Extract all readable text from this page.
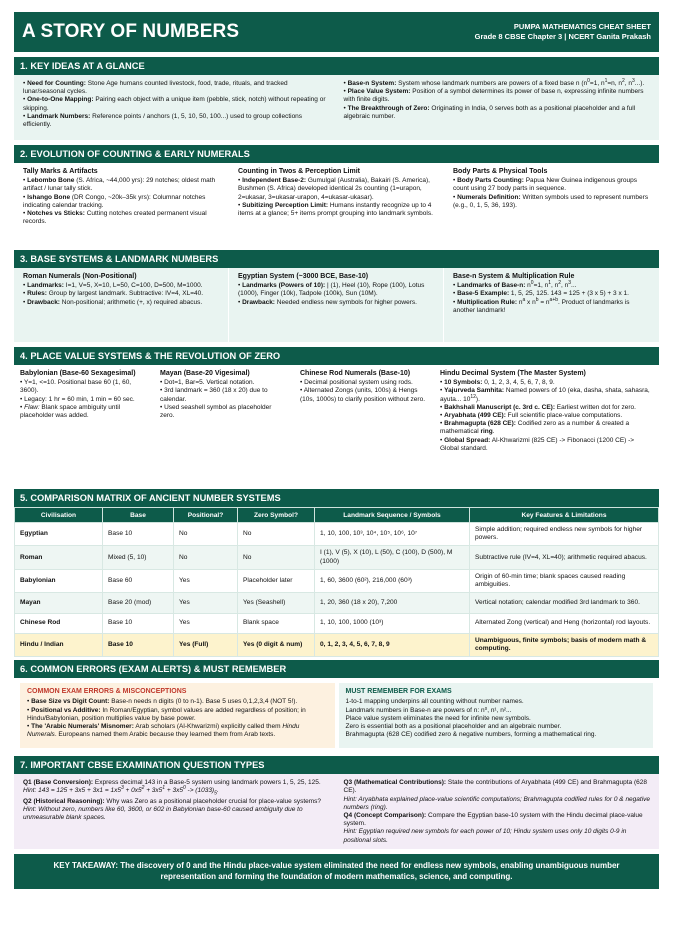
A STORY OF NUMBERS	PUMPA MATHEMATICS CHEAT SHEET
Grade 8 CBSE Chapter 3 | NCERT Ganita Prakash
1. KEY IDEAS AT A GLANCE

• Need for Counting: Stone Age humans counted livestock, food, trade, rituals, and tracked lunar/seasonal cycles.

• One-to-One Mapping: Pairing each object with a unique item (pebble, stick, notch) without repeating or skipping.

• Landmark Numbers: Reference points / anchors (1, 5, 10, 50, 100...) used to group collections efficiently.

• Base-n System: System whose landmark numbers are powers of a fixed base n ($n^0=1$, $n^1=n$, $n^2$, $n^3$...).

• Place Value System: Position of a symbol determines its power of base n, expressing infinite numbers with finite digits.

• The Breakthrough of Zero: Originating in India, 0 serves both as a positional placeholder and a full algebraic number.

2. EVOLUTION OF COUNTING & EARLY NUMERALS
Tally Marks & Artifacts

• Lebombo Bone (S. Africa, ~44,000 yrs): 29 notches; oldest math artifact / lunar tally stick.

• Ishango Bone (DR Congo, ~20k–35k yrs): Columnar notches indicating calendar tracking.

• Notches vs Sticks: Cutting notches created permanent visual records.

Counting in Twos & Perception Limit

• Independent Base-2: Gumulgal (Australia), Bakairi (S. America), Bushmen (S. Africa) developed identical 2s counting (1=urapon, 2=ukasar, 3=ukasar-urapon, 4=ukasar-ukasar).

• Subitizing Perception Limit: Humans instantly recognize up to 4 items at a glance; 5+ items prompt grouping into landmark symbols.

Body Parts & Physical Tools

• Body Parts Counting: Papua New Guinea indigenous groups count using 27 body parts in sequence.

• Numerals Definition: Written symbols used to represent numbers (e.g., 0, 1, 5, 36, 193).

3. BASE SYSTEMS & LANDMARK NUMBERS
Roman Numerals (Non-Positional)

• Landmarks: I=1, V=5, X=10, L=50, C=100, D=500, M=1000.

• Rules: Group by largest landmark. Subtractive: IV=4, XL=40.

• Drawback: Non-positional; arithmetic (+, x) required abacus.

Egyptian System (~3000 BCE, Base-10)

• Landmarks (Powers of 10): | (1), Heel (10), Rope (100), Lotus (1000), Finger (10k), Tadpole (100k), Sun (10M).

• Drawback: Needed endless new symbols for higher powers.

Base-n System & Multiplication Rule

• Landmarks of Base-n: $n^0=1$, $n^1$, $n^2$, $n^3$...

• Base-5 Example: 1, 5, 25, 125. 143 = 125 + (3 x 5) + 3 x 1.

• Multiplication Rule: $n^a$ x $n^b = n^{a+b}$. Product of landmarks is another landmark!

4. PLACE VALUE SYSTEMS & THE REVOLUTION OF ZERO
Babylonian (Base-60 Sexagesimal)

• Y=1, <=10. Positional base 60 (1, 60, 3600).

• Legacy: 1 hr = 60 min, 1 min = 60 sec.

• Flaw: Blank space ambiguity until placeholder was added.

Mayan (Base-20 Vigesimal)

• Dot=1, Bar=5. Vertical notation.

• 3rd landmark = 360 (18 x 20) due to calendar.

• Used seashell symbol as placeholder zero.

Chinese Rod Numerals (Base-10)

• Decimal positional system using rods.

• Alternated Zongs (units, 100s) & Hengs (10s, 1000s) to clarify position without zero.

Hindu Decimal System (The Master System)

• 10 Symbols: 0, 1, 2, 3, 4, 5, 6, 7, 8, 9.

• Yajurveda Samhita: Named powers of 10 (eka, dasha, shata, sahasra, ayuta... $10^{12}$).

• Bakhshali Manuscript (c. 3rd c. CE): Earliest written dot for zero.

• Aryabhata (499 CE): Full scientific place-value computations.

• Brahmagupta (628 CE): Codified zero as a number & created a mathematical ring.

• Global Spread: Al-Khwarizmi (825 CE) -> Fibonacci (1200 CE) -> Global standard.

5. COMPARISON MATRIX OF ANCIENT NUMBER SYSTEMS
Civilisation	Base	Positional?	Zero Symbol?	Landmark Sequence / Symbols	Key Features & Limitations
Egyptian	Base 10	No	No	1, 10, 100, 10³, 10⁴, 10⁵, 10⁶, 10⁷	Simple addition; required endless new symbols for higher powers.
Roman	Mixed (5, 10)	No	No	I (1), V (5), X (10), L (50), C (100), D (500), M (1000)	Subtractive rule (IV=4, XL=40); arithmetic required abacus.
Babylonian	Base 60	Yes	Placeholder later	1, 60, 3600 (60²), 216,000 (60³)	Origin of 60-min time; blank spaces caused reading ambiguities.
Mayan	Base 20 (mod)	Yes	Yes (Seashell)	1, 20, 360 (18 x 20), 7,200	Vertical notation; calendar modified 3rd landmark to 360.
Chinese Rod	Base 10	Yes	Blank space	1, 10, 100, 1000 (10³)	Alternated Zong (vertical) and Heng (horizontal) rod layouts.
Hindu / Indian	Base 10	Yes (Full)	Yes (0 digit & num)	0, 1, 2, 3, 4, 5, 6, 7, 8, 9	Unambiguous, finite symbols; basis of modern math & computing.
6. COMMON ERRORS (EXAM ALERTS) & MUST REMEMBER
COMMON EXAM ERRORS & MISCONCEPTIONS

• Base Size vs Digit Count: Base-n needs n digits (0 to n-1). Base 5 uses 0,1,2,3,4 (NOT 5!).

• Positional vs Additive: In Roman/Egyptian, symbol values are added regardless of position; in Hindu/Babylonian, position multiplies value by base power.

• The 'Arabic Numerals' Misnomer: Arab scholars (Al-Khwarizmi) explicitly called them Hindu Numerals. Europeans named them Arabic because they learned them from Arab texts.

MUST REMEMBER FOR EXAMS

1-to-1 mapping underpins all counting without number names.

Landmark numbers in Base-n are powers of n: n⁰, n¹, n²...

Place value system eliminates the need for infinite new symbols.

Zero is essential both as a positional placeholder and an algebraic number.

Brahmagupta (628 CE) codified zero & negative numbers, forming a mathematical ring.

7. IMPORTANT CBSE EXAMINATION QUESTION TYPES

Q1 (Base Conversion): Express decimal 143 in a Base-5 system using landmark powers 1, 5, 25, 125.

Hint: $143 = 125 + 3x5 + 3x1 = 1x5^3 + 0x5^2 + 3x5^1 + 3x5^0 -> (1033)_5$.

Q2 (Historical Reasoning): Why was Zero as a positional placeholder crucial for place-value systems?

Hint: Without zero, numbers like 60, 3600, or 602 in Babylonian base-60 caused ambiguity due to unmeasurable blank spaces.

Q3 (Mathematical Contributions): State the contributions of Aryabhata (499 CE) and Brahmagupta (628 CE).

Hint: Aryabhata explained place-value scientific computations; Brahmagupta codified rules for 0 & negative numbers (ring).

Q4 (Concept Comparison): Compare the Egyptian base-10 system with the Hindu decimal place-value system.

Hint: Egyptian required new symbols for each power of 10; Hindu system uses only 10 digits 0-9 in positional slots.

KEY TAKEAWAY: The discovery of 0 and the Hindu place-value system eliminated the need for endless new symbols, enabling unambiguous number representation and forming the foundation of modern mathematics, science, and computing.
